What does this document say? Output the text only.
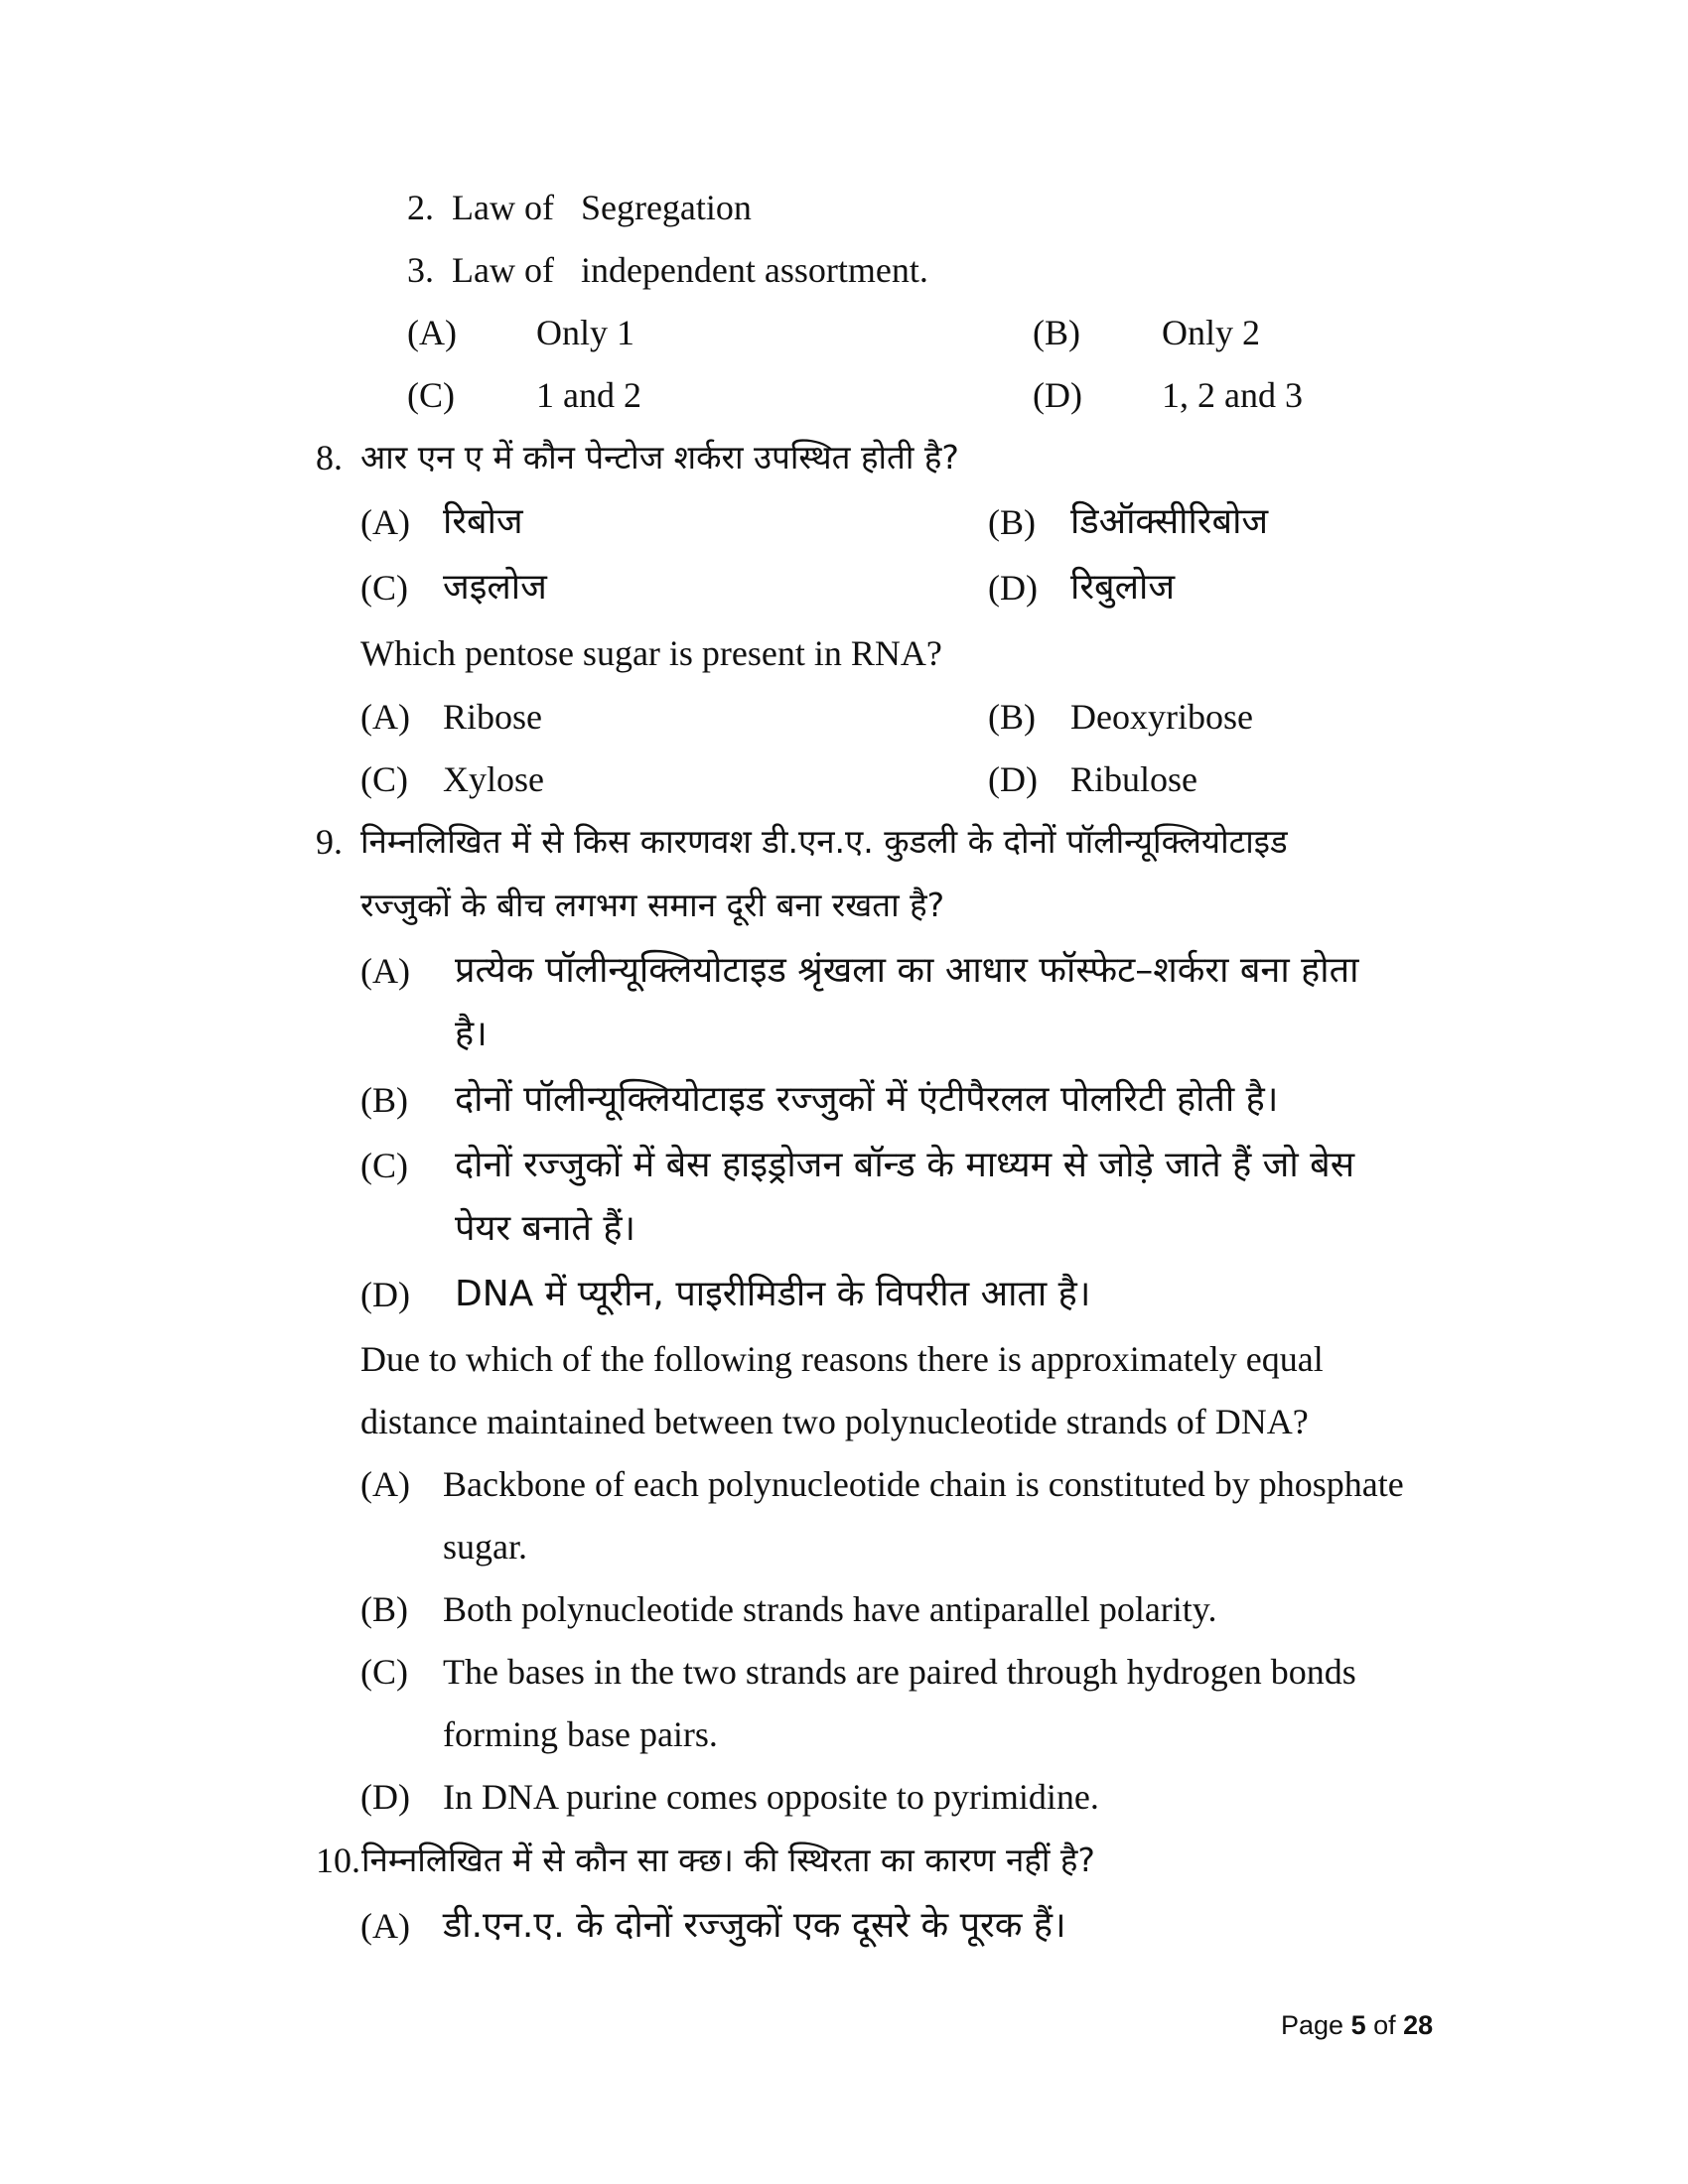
2. Law of   Segregation
3. Law of   independent assortment.
(A) Only 1	(B) Only 2
(C) 1 and 2	(D) 1, 2 and 3
8. आर एन ए में कौन पेन्टोज शर्करा उपस्थित होती है?
(A) रिबोज	(B) डिऑक्सीरिबोज
(C) जइलोज	(D) रिबुलोज
Which pentose sugar is present in RNA?
(A) Ribose	(B) Deoxyribose
(C) Xylose	(D) Ribulose
9. निम्नलिखित में से किस कारणवश डी.एन.ए. कुडली के दोनों पॉलीन्यूक्लियोटाइड
रज्जुकों के बीच लगभग समान दूरी बना रखता है?
(A) प्रत्येक पॉलीन्यूक्लियोटाइड श्रृंखला का आधार फॉस्फेट–शर्करा बना होता
है।
(B) दोनों पॉलीन्यूक्लियोटाइड रज्जुकों में एंटीपैरलल पोलरिटी होती है।
(C) दोनों रज्जुकों में बेस हाइड्रोजन बॉन्ड के माध्यम से जोड़े जाते हैं जो बेस
पेयर बनाते हैं।
(D) DNA में प्यूरीन, पाइरीमिडीन के विपरीत आता है।
Due to which of the following reasons there is approximately equal
distance maintained between two polynucleotide strands of DNA?
(A) Backbone of each polynucleotide chain is constituted by phosphate
sugar.
(B) Both polynucleotide strands have antiparallel polarity.
(C) The bases in the two strands are paired through hydrogen bonds
forming base pairs.
(D) In DNA purine comes opposite to pyrimidine.
10. निम्नलिखित में से कौन सा क्छ। की स्थिरता का कारण नहीं है?
(A) डी.एन.ए. के दोनों रज्जुकों एक दूसरे के पूरक हैं।
Page 5 of 28
